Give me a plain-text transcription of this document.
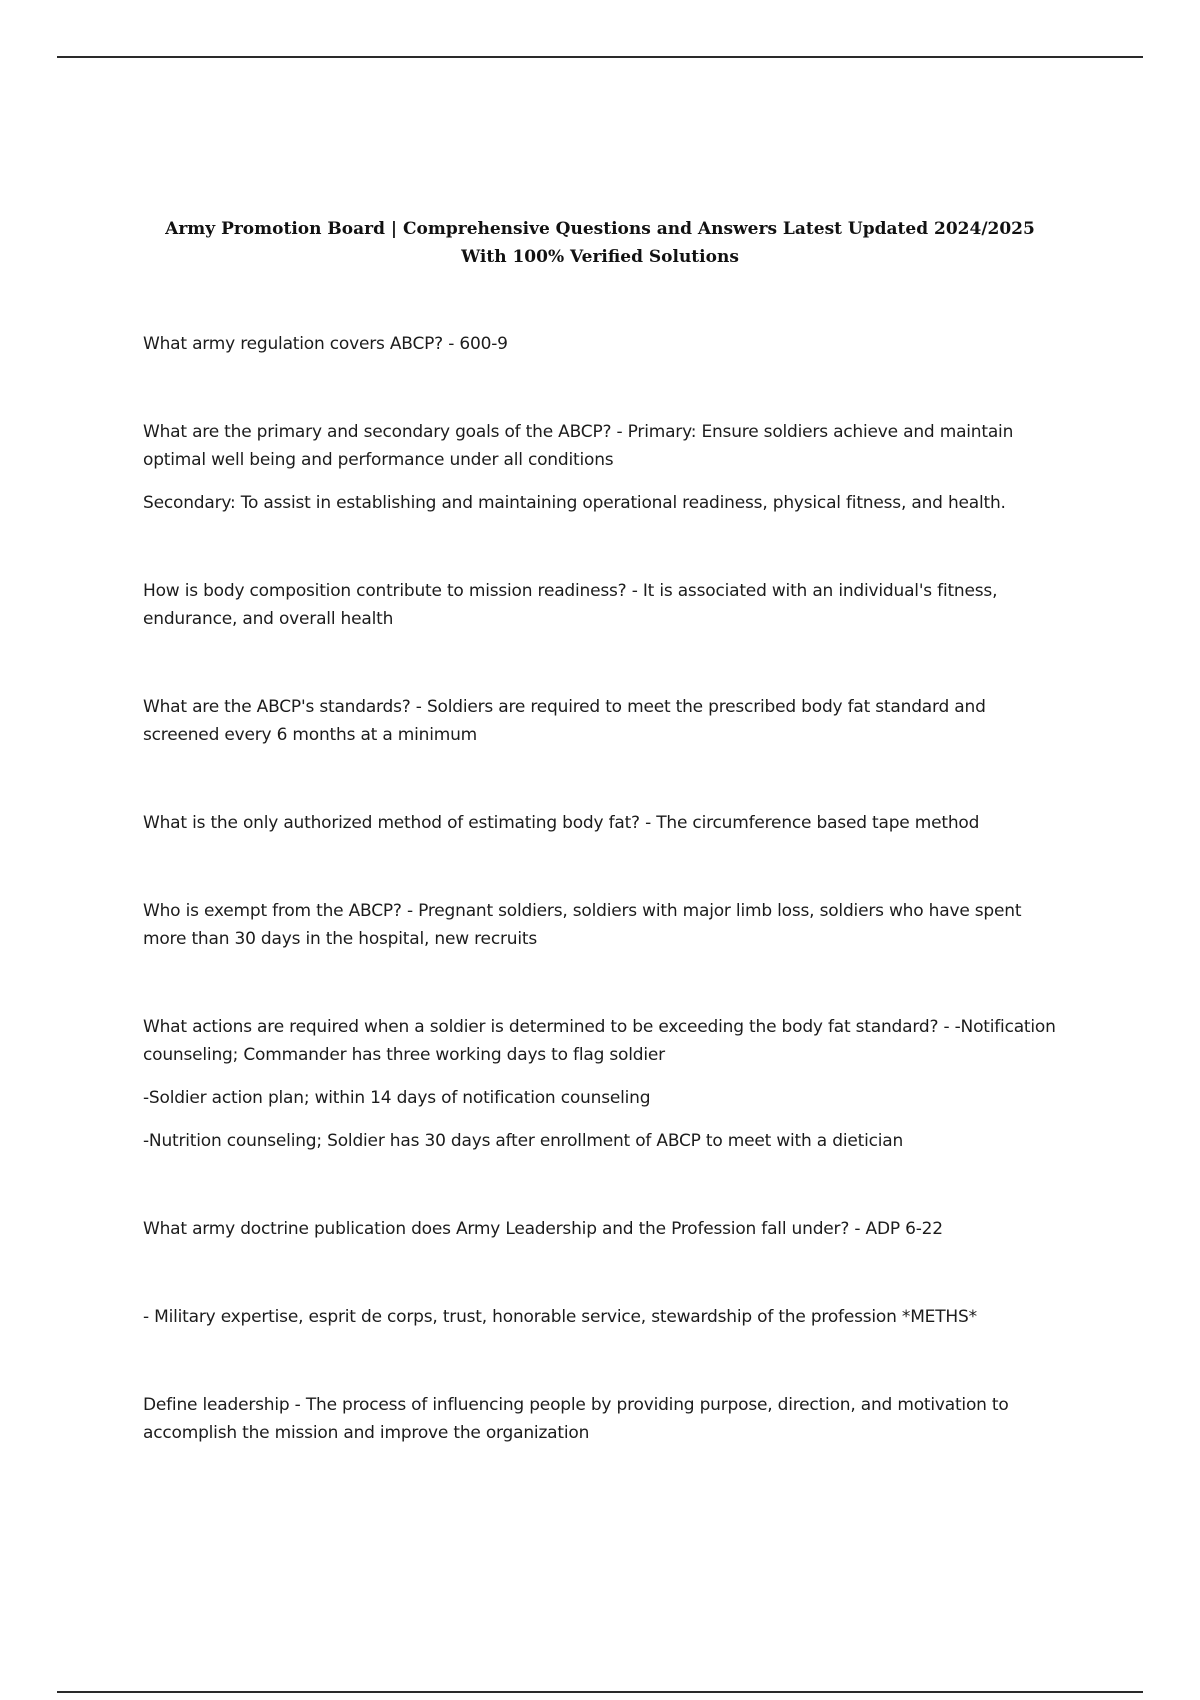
Army Promotion Board | Comprehensive Questions and Answers Latest Updated 2024/2025 With 100% Verified Solutions

What army regulation covers ABCP? - 600-9

What are the primary and secondary goals of the ABCP? - Primary: Ensure soldiers achieve and maintain optimal well being and performance under all conditions

Secondary: To assist in establishing and maintaining operational readiness, physical fitness, and health.

How is body composition contribute to mission readiness? - It is associated with an individual's fitness, endurance, and overall health

What are the ABCP's standards? - Soldiers are required to meet the prescribed body fat standard and screened every 6 months at a minimum

What is the only authorized method of estimating body fat? - The circumference based tape method

Who is exempt from the ABCP? - Pregnant soldiers, soldiers with major limb loss, soldiers who have spent more than 30 days in the hospital, new recruits

What actions are required when a soldier is determined to be exceeding the body fat standard? - -Notification counseling; Commander has three working days to flag soldier

-Soldier action plan; within 14 days of notification counseling

-Nutrition counseling; Soldier has 30 days after enrollment of ABCP to meet with a dietician

What army doctrine publication does Army Leadership and the Profession fall under? - ADP 6-22

- Military expertise, esprit de corps, trust, honorable service, stewardship of the profession *METHS*

Define leadership - The process of influencing people by providing purpose, direction, and motivation to accomplish the mission and improve the organization
